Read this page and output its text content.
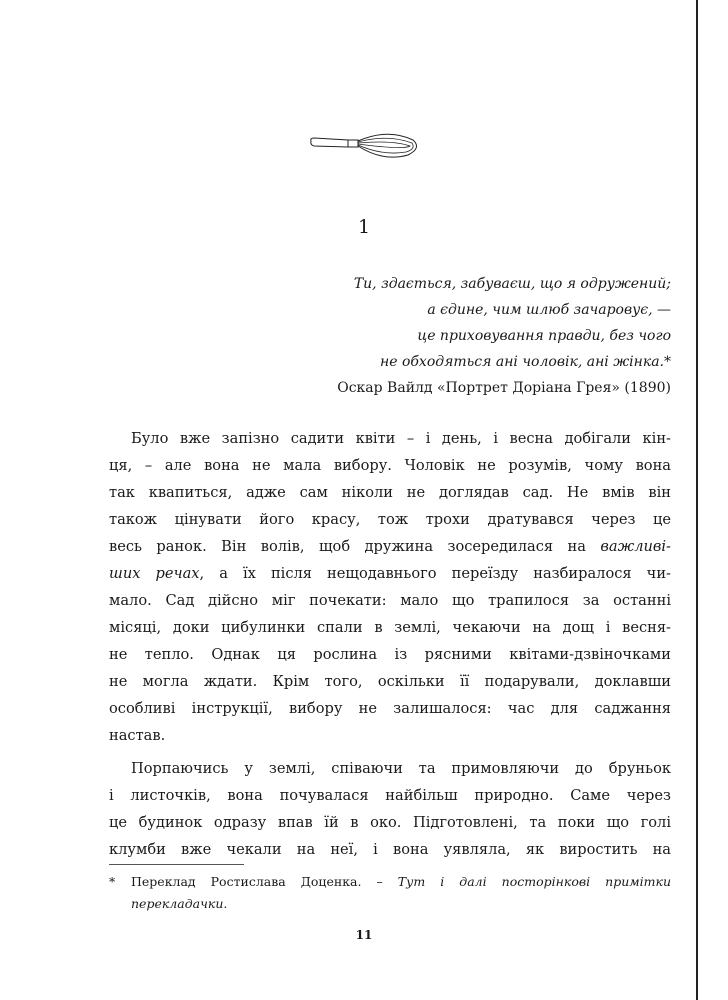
1
Ти, здається, забуваєш, що я одружений;
а єдине, чим шлюб зачаровує, —
це приховування правди, без чого
не обходяться ані чоловік, ані жінка.*
Оскар Вайлд «Портрет Доріана Грея» (1890)
Було вже запізно садити квіти – і день, і весна добігали кін-
ця, – але вона не мала вибору. Чоловік не розумів, чому вона
так квапиться, адже сам ніколи не доглядав сад. Не вмів він
також цінувати його красу, тож трохи дратувався через це
весь ранок. Він волів, щоб дружина зосередилася на важливі-
ших речах, а їх після нещодавнього переїзду назбиралося чи-
мало. Сад дійсно міг почекати: мало що трапилося за останні
місяці, доки цибулинки спали в землі, чекаючи на дощ і весня-
не тепло. Однак ця рослина із рясними квітами-дзвіночками
не могла ждати. Крім того, оскільки її подарували, доклавши
особливі інструкції, вибору не залишалося: час для саджання
настав.
Порпаючись у землі, співаючи та примовляючи до бруньок
і листочків, вона почувалася найбільш природно. Саме через
це будинок одразу впав їй в око. Підготовлені, та поки що голі
клумби вже чекали на неї, і вона уявляла, як виростить на
* Переклад Ростислава Доценка. – Тут і далі посторінкові примітки
перекладачки.
11
